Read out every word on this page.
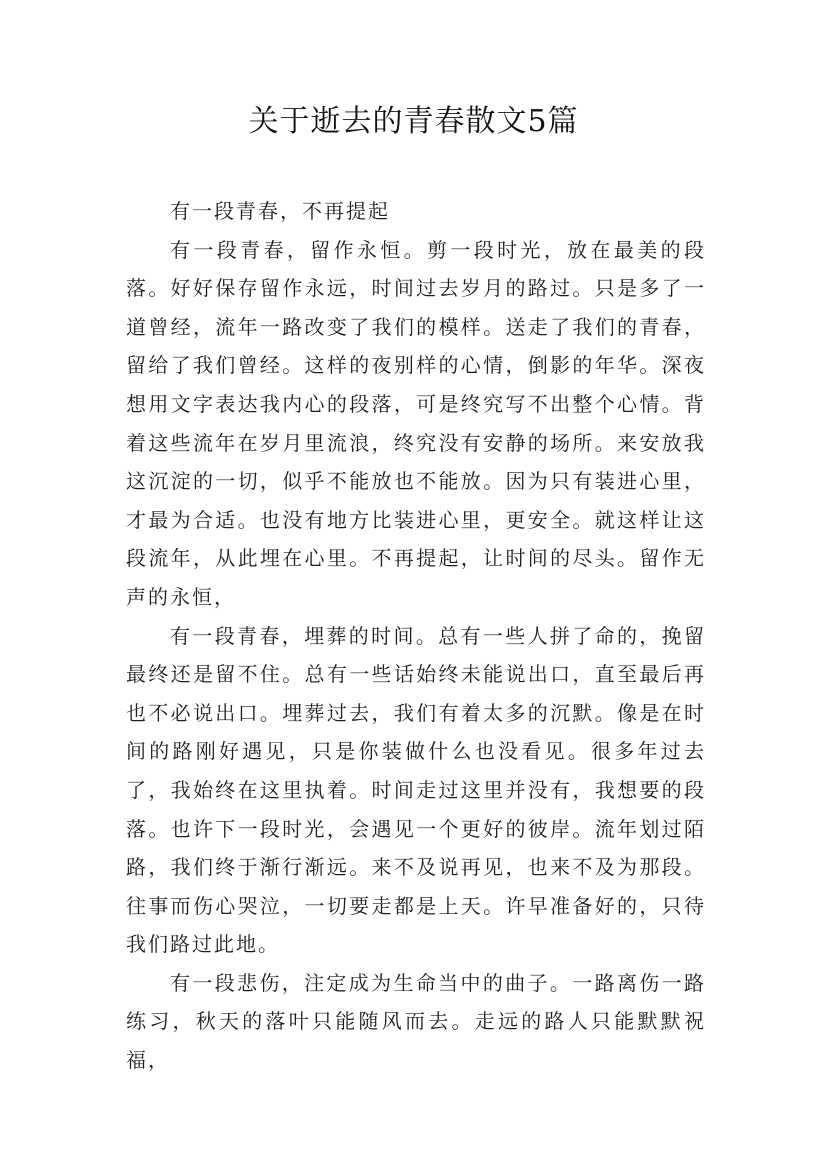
关于逝去的青春散文5篇

有一段青春，不再提起

有一段青春，留作永恒。剪一段时光，放在最美的段落。好好保存留作永远，时间过去岁月的路过。只是多了一道曾经，流年一路改变了我们的模样。送走了我们的青春，留给了我们曾经。这样的夜别样的心情，倒影的年华。深夜想用文字表达我内心的段落，可是终究写不出整个心情。背着这些流年在岁月里流浪，终究没有安静的场所。来安放我这沉淀的一切，似乎不能放也不能放。因为只有装进心里，才最为合适。也没有地方比装进心里，更安全。就这样让这段流年，从此埋在心里。不再提起，让时间的尽头。留作无声的永恒，

有一段青春，埋葬的时间。总有一些人拼了命的，挽留最终还是留不住。总有一些话始终未能说出口，直至最后再也不必说出口。埋葬过去，我们有着太多的沉默。像是在时间的路刚好遇见，只是你装做什么也没看见。很多年过去了，我始终在这里执着。时间走过这里并没有，我想要的段落。也许下一段时光，会遇见一个更好的彼岸。流年划过陌路，我们终于渐行渐远。来不及说再见，也来不及为那段。往事而伤心哭泣，一切要走都是上天。许早准备好的，只待我们路过此地。

有一段悲伤，注定成为生命当中的曲子。一路离伤一路练习，秋天的落叶只能随风而去。走远的路人只能默默祝福，
